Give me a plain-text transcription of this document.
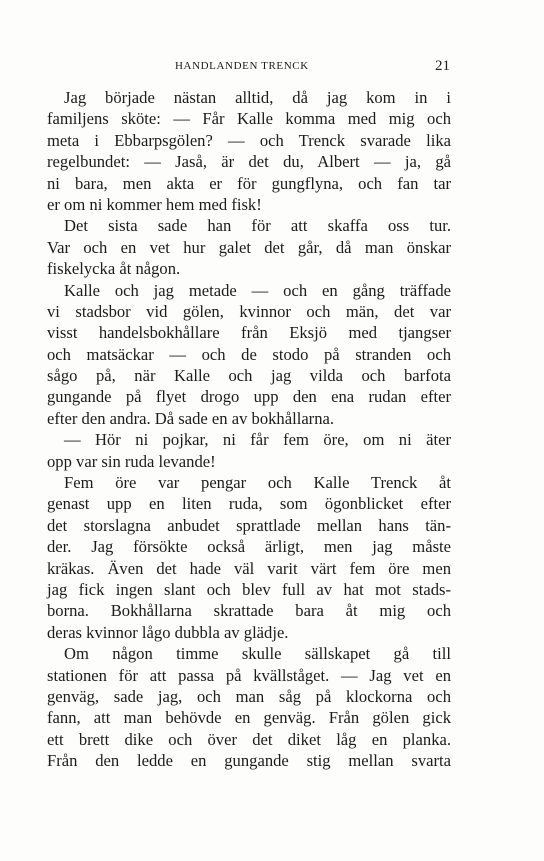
HANDLANDEN TRENCK	21
Jag började nästan alltid, då jag kom in i
familjens sköte: — Får Kalle komma med mig och
meta i Ebbarpsgölen? — och Trenck svarade lika
regelbundet: — Jaså, är det du, Albert — ja, gå
ni bara, men akta er för gungflyna, och fan tar
er om ni kommer hem med fisk!
Det sista sade han för att skaffa oss tur.
Var och en vet hur galet det går, då man önskar
fiskelycka åt någon.
Kalle och jag metade — och en gång träffade
vi stadsbor vid gölen, kvinnor och män, det var
visst handelsbokhållare från Eksjö med tjangser
och matsäckar — och de stodo på stranden och
sågo på, när Kalle och jag vilda och barfota
gungande på flyet drogo upp den ena rudan efter
efter den andra. Då sade en av bokhållarna.
— Hör ni pojkar, ni får fem öre, om ni äter
opp var sin ruda levande!
Fem öre var pengar och Kalle Trenck åt
genast upp en liten ruda, som ögonblicket efter
det storslagna anbudet sprattlade mellan hans tän-
der. Jag försökte också ärligt, men jag måste
kräkas. Även det hade väl varit värt fem öre men
jag fick ingen slant och blev full av hat mot stads-
borna. Bokhållarna skrattade bara åt mig och
deras kvinnor lågo dubbla av glädje.
Om någon timme skulle sällskapet gå till
stationen för att passa på kvällståget. — Jag vet en
genväg, sade jag, och man såg på klockorna och
fann, att man behövde en genväg. Från gölen gick
ett brett dike och över det diket låg en planka.
Från den ledde en gungande stig mellan svarta
